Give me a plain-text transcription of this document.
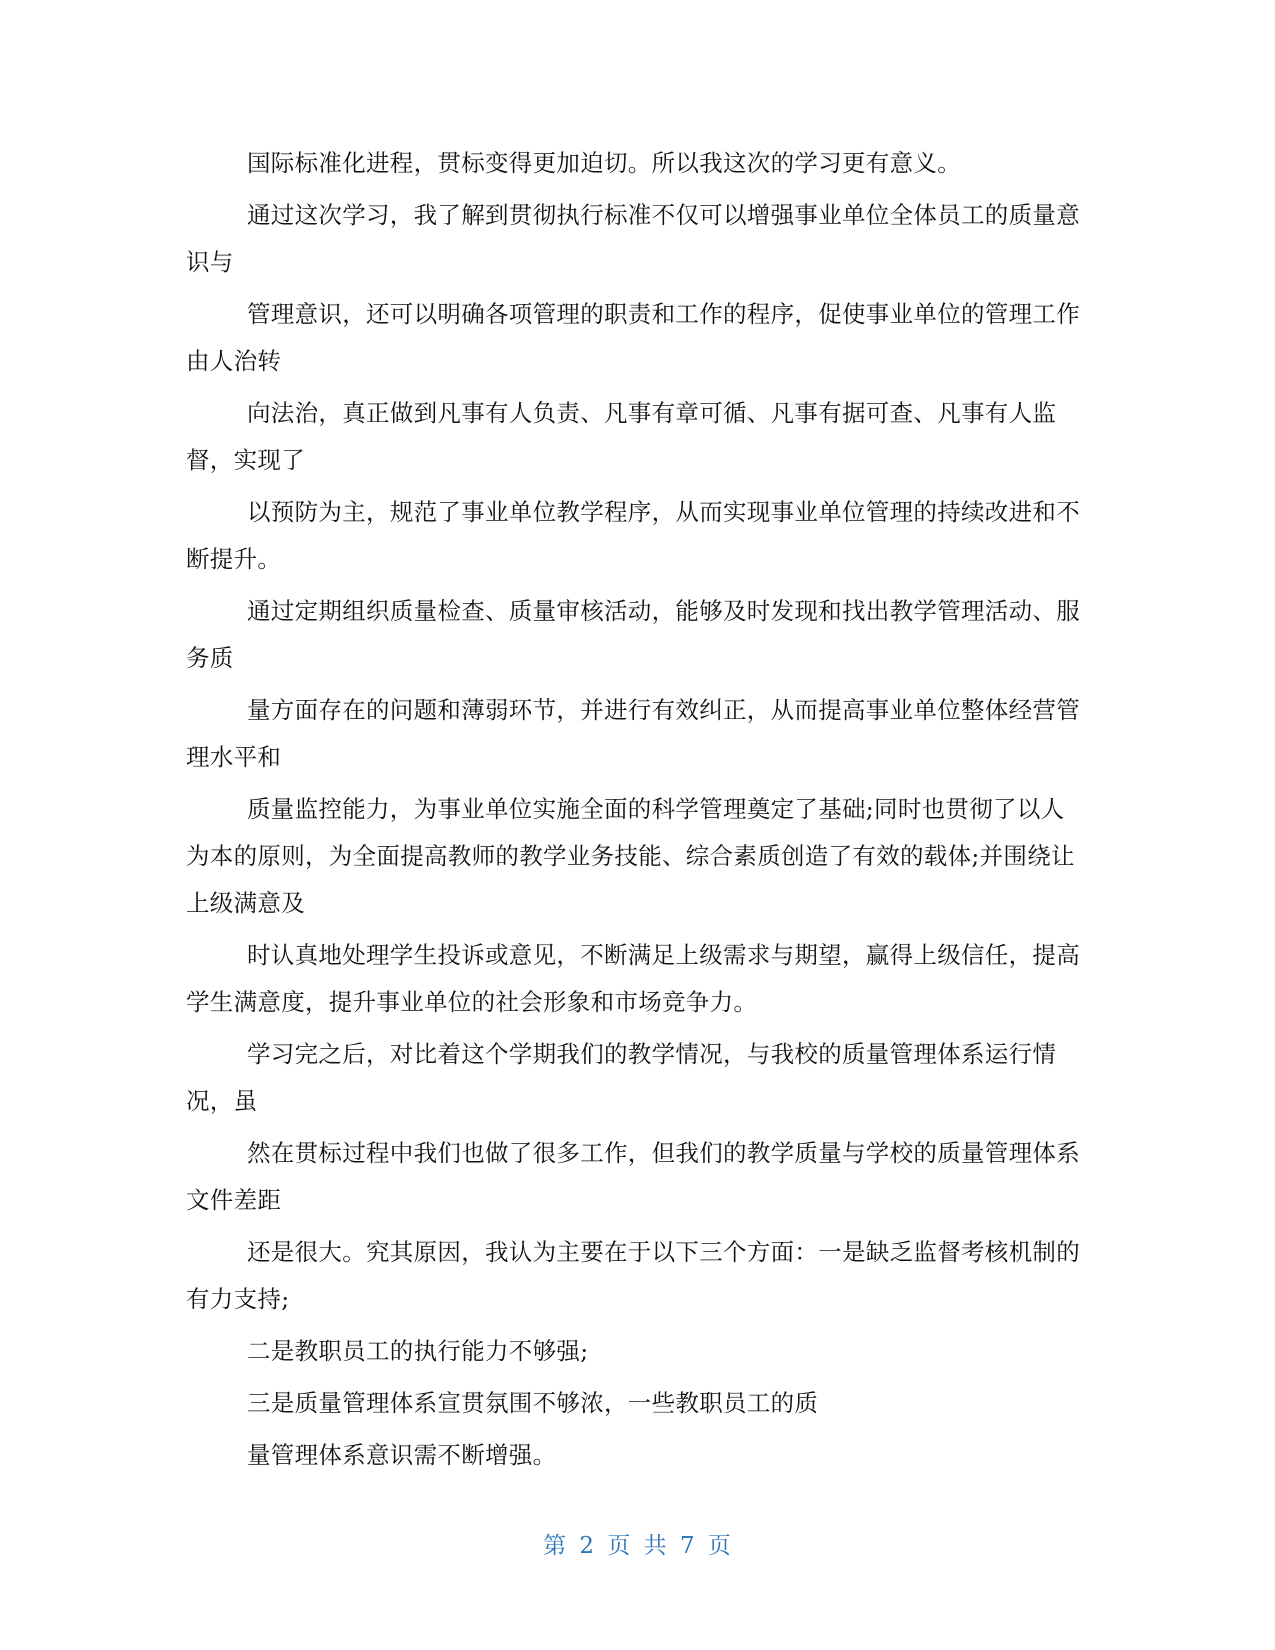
国际标准化进程，贯标变得更加迫切。所以我这次的学习更有意义。

通过这次学习，我了解到贯彻执行标准不仅可以增强事业单位全体员工的质量意识与

管理意识，还可以明确各项管理的职责和工作的程序，促使事业单位的管理工作由人治转

向法治，真正做到凡事有人负责、凡事有章可循、凡事有据可查、凡事有人监督，实现了

以预防为主，规范了事业单位教学程序，从而实现事业单位管理的持续改进和不断提升。

通过定期组织质量检查、质量审核活动，能够及时发现和找出教学管理活动、服务质

量方面存在的问题和薄弱环节，并进行有效纠正，从而提高事业单位整体经营管理水平和

质量监控能力，为事业单位实施全面的科学管理奠定了基础;同时也贯彻了以人为本的原则，为全面提高教师的教学业务技能、综合素质创造了有效的载体;并围绕让上级满意及

时认真地处理学生投诉或意见，不断满足上级需求与期望，赢得上级信任，提高学生满意度，提升事业单位的社会形象和市场竞争力。

学习完之后，对比着这个学期我们的教学情况，与我校的质量管理体系运行情况，虽

然在贯标过程中我们也做了很多工作，但我们的教学质量与学校的质量管理体系文件差距

还是很大。究其原因，我认为主要在于以下三个方面：一是缺乏监督考核机制的有力支持;

二是教职员工的执行能力不够强;

三是质量管理体系宣贯氛围不够浓，一些教职员工的质

量管理体系意识需不断增强。

第 2 页 共 7 页
